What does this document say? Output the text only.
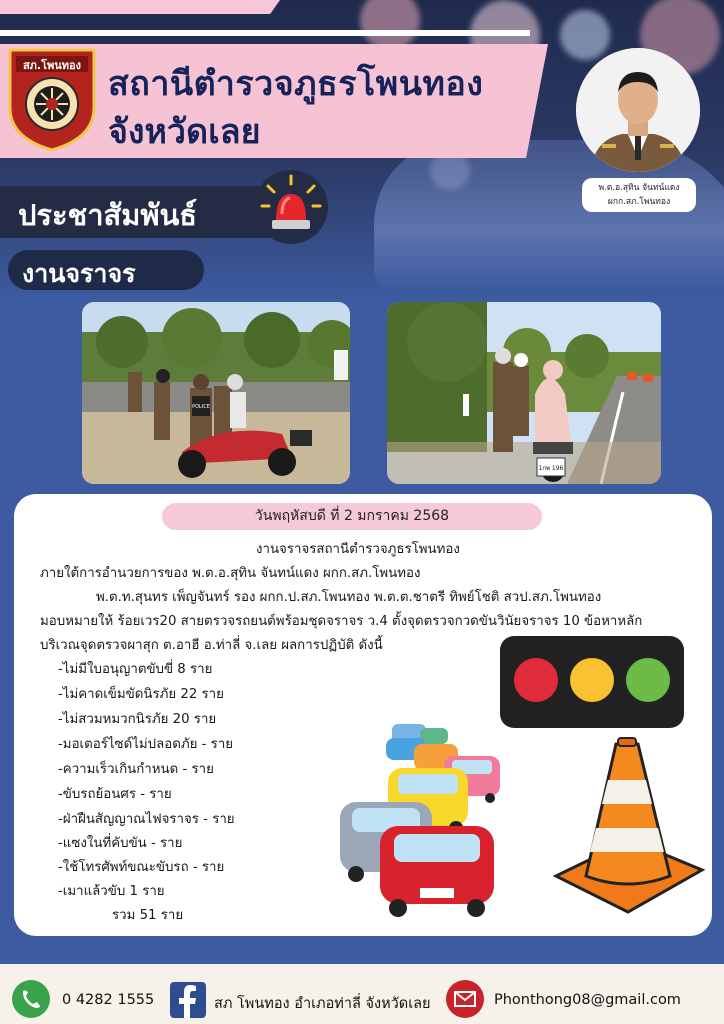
สภ.โพนทอง สถานีตำรวจภูธรโพนทอง
จังหวัดเลย
พ.ต.อ.สุทิน จันทน์แดง
ผกก.สภ.โพนทอง
ประชาสัมพันธ์
งานจราจร
POLICE
1กพ 196
วันพฤหัสบดี ที่ 2 มกราคม 2568
งานจราจรสถานีตำรวจภูธรโพนทอง
ภายใต้การอำนวยการของ พ.ต.อ.สุทิน จันทน์แดง ผกก.สภ.โพนทอง
พ.ต.ท.สุนทร เพ็ญจันทร์ รอง ผกก.ป.สภ.โพนทอง พ.ต.ต.ชาตรี ทิพย์โชติ สวป.สภ.โพนทอง
มอบหมายให้ ร้อยเวร20 สายตรวจรถยนต์พร้อมชุดจราจร ว.4 ตั้งจุดตรวจกวดขันวินัยจราจร 10 ข้อหาหลัก
บริเวณจุดตรวจผาสุก ต.อาฮี อ.ท่าลี่ จ.เลย ผลการปฏิบัติ ดังนี้
-ไม่มีใบอนุญาตขับขี่ 8 ราย
-ไม่คาดเข็มขัดนิรภัย 22 ราย
-ไม่สวมหมวกนิรภัย 20 ราย
-มอเตอร์ไซด์ไม่ปลอดภัย - ราย
-ความเร็วเกินกำหนด - ราย
-ขับรถย้อนศร - ราย
-ฝ่าฝืนสัญญาณไฟจราจร - ราย
-แซงในที่คับขัน - ราย
-ใช้โทรศัพท์ขณะขับรถ - ราย
-เมาแล้วขับ 1 ราย
รวม 51 ราย
0 4282 1555	สภ โพนทอง อำเภอท่าลี่ จังหวัดเลย	Phonthong08@gmail.com
